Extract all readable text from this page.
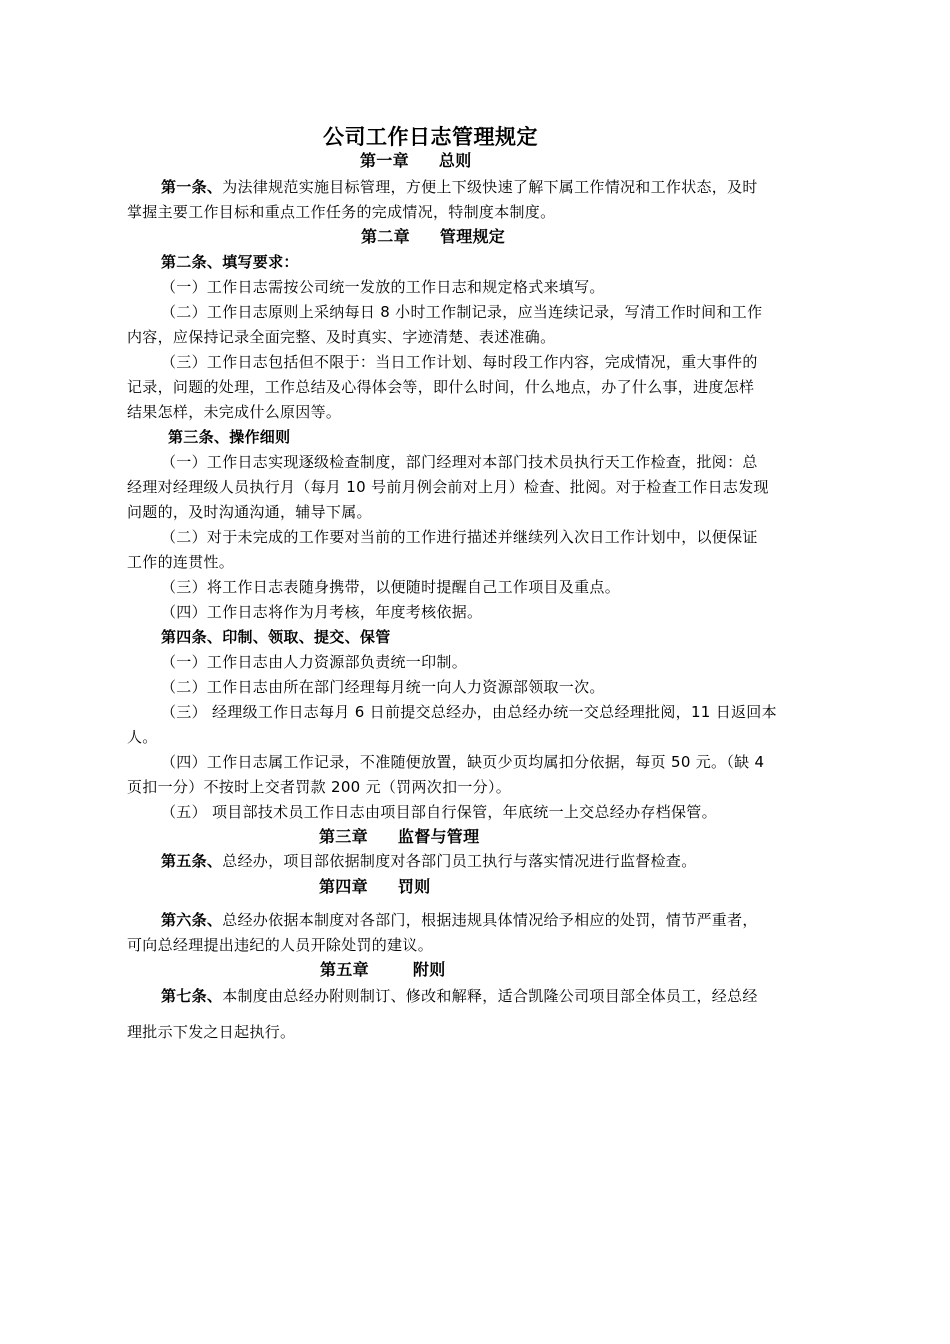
公司工作日志管理规定
第一章 总则
第一条、为法律规范实施目标管理，方便上下级快速了解下属工作情况和工作状态，及时
掌握主要工作目标和重点工作任务的完成情况，特制度本制度。
第二章 管理规定
第二条、填写要求：
（一）工作日志需按公司统一发放的工作日志和规定格式来填写。
（二）工作日志原则上采纳每日 8 小时工作制记录，应当连续记录，写清工作时间和工作
内容，应保持记录全面完整、及时真实、字迹清楚、表述准确。
（三）工作日志包括但不限于：当日工作计划、每时段工作内容，完成情况，重大事件的
记录，问题的处理，工作总结及心得体会等，即什么时间，什么地点，办了什么事，进度怎样
结果怎样，未完成什么原因等。
第三条、操作细则
（一）工作日志实现逐级检查制度，部门经理对本部门技术员执行天工作检查，批阅：总
经理对经理级人员执行月（每月 10 号前月例会前对上月）检查、批阅。对于检查工作日志发现
问题的，及时沟通沟通，辅导下属。
（二）对于未完成的工作要对当前的工作进行描述并继续列入次日工作计划中，以便保证
工作的连贯性。
（三）将工作日志表随身携带，以便随时提醒自己工作项目及重点。
（四）工作日志将作为月考核，年度考核依据。
第四条、印制、领取、提交、保管
（一）工作日志由人力资源部负责统一印制。
（二）工作日志由所在部门经理每月统一向人力资源部领取一次。
（三） 经理级工作日志每月 6 日前提交总经办，由总经办统一交总经理批阅，11 日返回本
人。
（四）工作日志属工作记录，不准随便放置，缺页少页均属扣分依据，每页 50 元。（缺 4
页扣一分）不按时上交者罚款 200 元（罚两次扣一分）。
（五） 项目部技术员工作日志由项目部自行保管，年底统一上交总经办存档保管。
第三章 监督与管理
第五条、总经办，项目部依据制度对各部门员工执行与落实情况进行监督检查。
第四章 罚则
第六条、总经办依据本制度对各部门，根据违规具体情况给予相应的处罚，情节严重者，
可向总经理提出违纪的人员开除处罚的建议。
第五章	附则
第七条、本制度由总经办附则制订、修改和解释，适合凯隆公司项目部全体员工，经总经
理批示下发之日起执行。
